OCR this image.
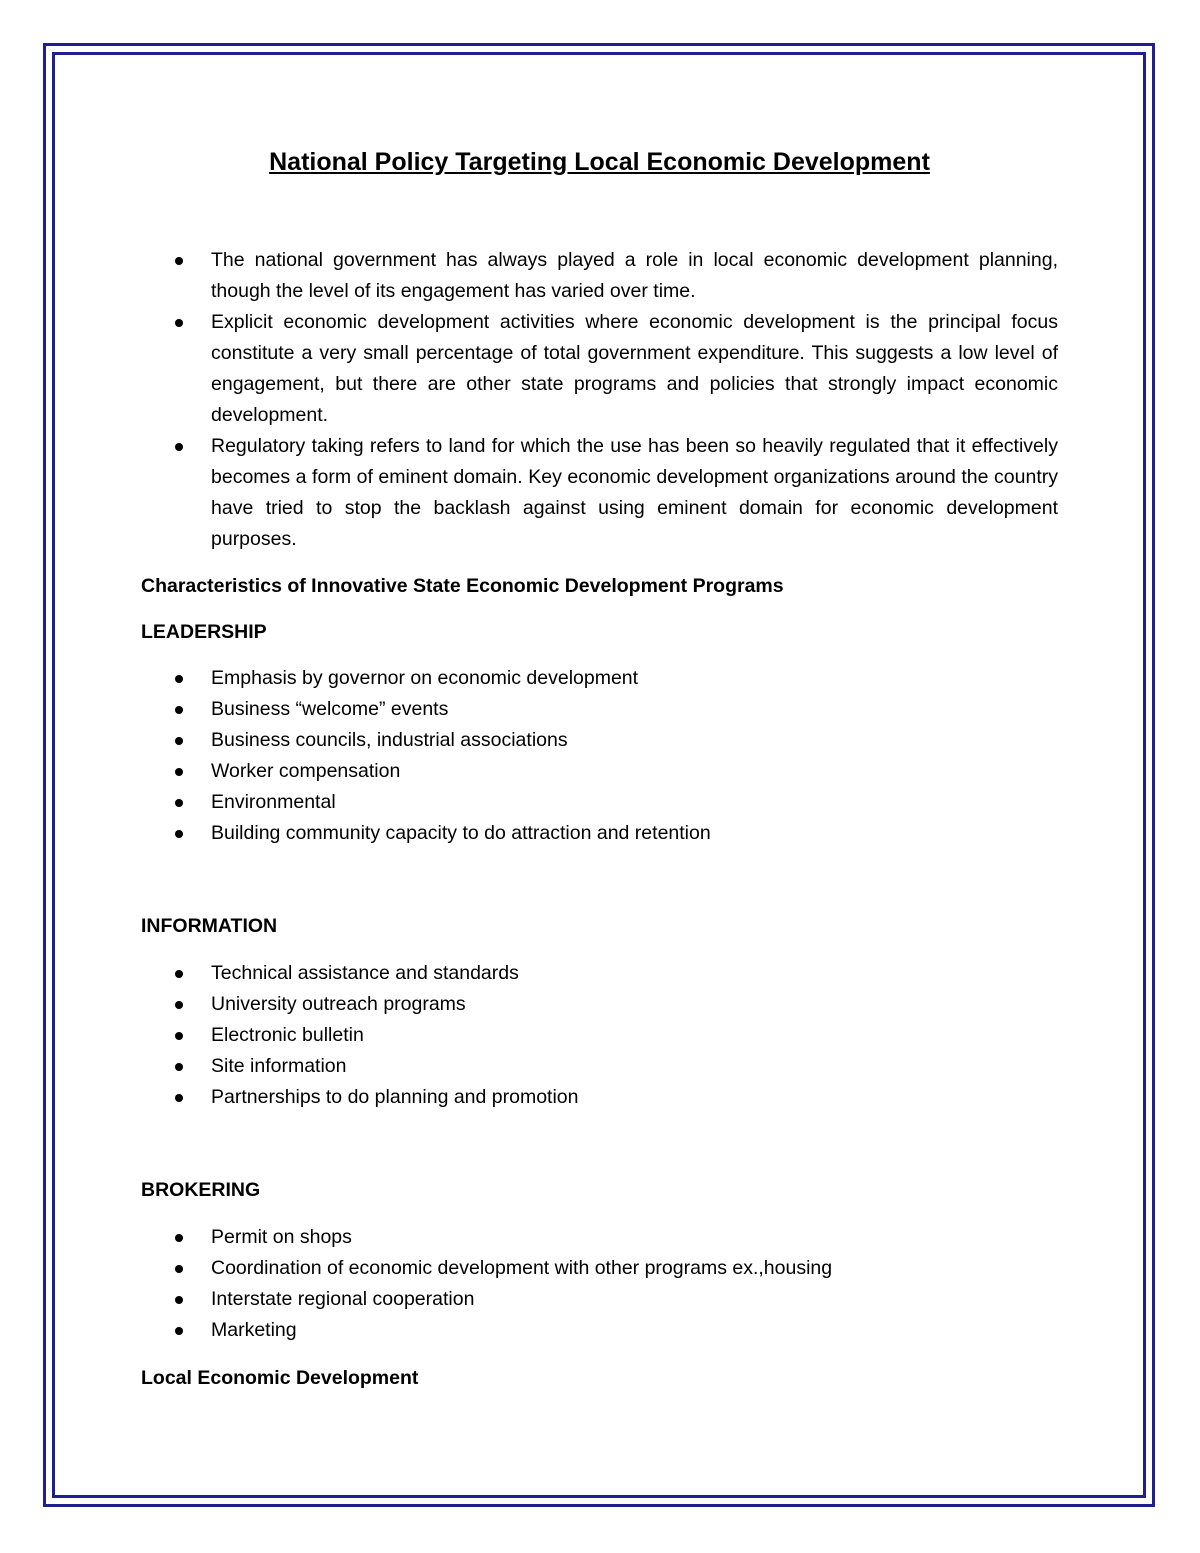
National Policy Targeting Local Economic Development
The national government has always played a role in local economic development planning, though the level of its engagement has varied over time.
Explicit economic development activities where economic development is the principal focus constitute a very small percentage of total government expenditure. This suggests a low level of engagement, but there are other state programs and policies that strongly impact economic development.
Regulatory taking refers to land for which the use has been so heavily regulated that it effectively becomes a form of eminent domain. Key economic development organizations around the country have tried to stop the backlash against using eminent domain for economic development purposes.
Characteristics of Innovative State Economic Development Programs
LEADERSHIP
Emphasis by governor on economic development
Business “welcome” events
Business councils, industrial associations
Worker compensation
Environmental
Building community capacity to do attraction and retention
INFORMATION
Technical assistance and standards
University outreach programs
Electronic bulletin
Site information
Partnerships to do planning and promotion
BROKERING
Permit on shops
Coordination of economic development with other programs ex.,housing
Interstate regional cooperation
Marketing
Local Economic Development
